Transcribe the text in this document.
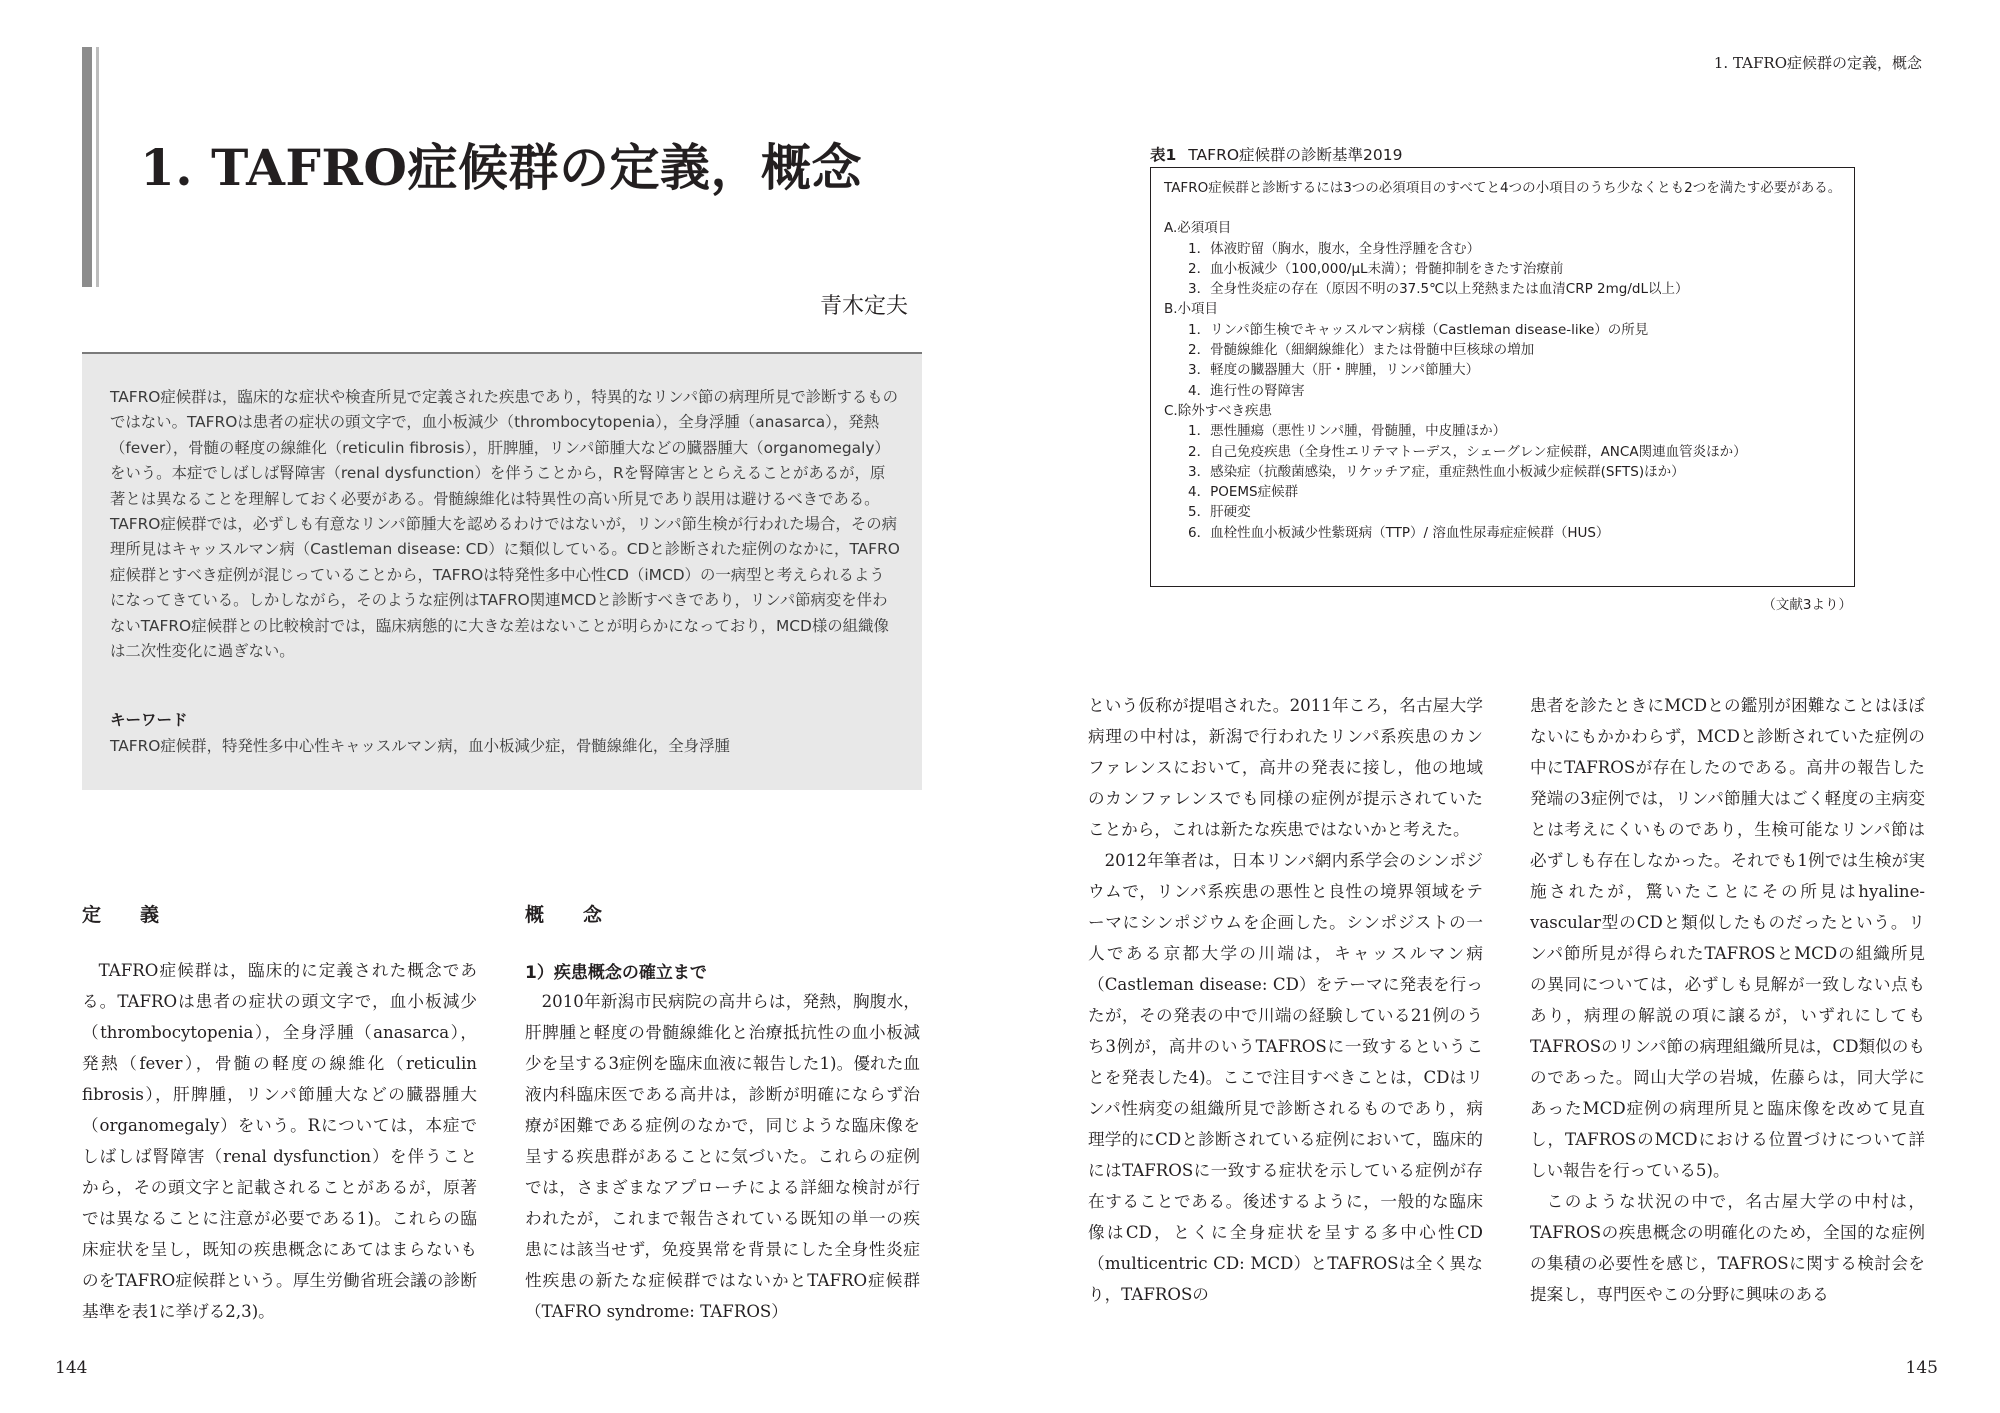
1. TAFRO症候群の定義，概念
青木定夫

TAFRO症候群は，臨床的な症状や検査所見で定義された疾患であり，特異的なリンパ節の病理所見で診断するものではない。TAFROは患者の症状の頭文字で，血小板減少（thrombocytopenia），全身浮腫（anasarca），発熱（fever），骨髄の軽度の線維化（reticulin fibrosis），肝脾腫，リンパ節腫大などの臓器腫大（organomegaly）をいう。本症でしばしば腎障害（renal dysfunction）を伴うことから，Rを腎障害ととらえることがあるが，原著とは異なることを理解しておく必要がある。骨髄線維化は特異性の高い所見であり誤用は避けるべきである。

TAFRO症候群では，必ずしも有意なリンパ節腫大を認めるわけではないが，リンパ節生検が行われた場合，その病理所見はキャッスルマン病（Castleman disease: CD）に類似している。CDと診断された症例のなかに，TAFRO症候群とすべき症例が混じっていることから，TAFROは特発性多中心性CD（iMCD）の一病型と考えられるようになってきている。しかしながら，そのような症例はTAFRO関連MCDと診断すべきであり，リンパ節病変を伴わないTAFRO症候群との比較検討では，臨床病態的に大きな差はないことが明らかになっており，MCD様の組織像は二次性変化に過ぎない。

キーワード
TAFRO症候群，特発性多中心性キャッスルマン病，血小板減少症，骨髄線維化，全身浮腫
定　義

TAFRO症候群は，臨床的に定義された概念である。TAFROは患者の症状の頭文字で，血小板減少（thrombocytopenia），全身浮腫（anasarca），発熱（fever），骨髄の軽度の線維化（reticulin fibrosis），肝脾腫，リンパ節腫大などの臓器腫大（organomegaly）をいう。Rについては，本症でしばしば腎障害（renal dysfunction）を伴うことから，その頭文字と記載されることがあるが，原著では異なることに注意が必要である1)。これらの臨床症状を呈し，既知の疾患概念にあてはまらないものをTAFRO症候群という。厚生労働省班会議の診断基準を表1に挙げる2,3)。

概　念
1）疾患概念の確立まで

2010年新潟市民病院の高井らは，発熱，胸腹水，肝脾腫と軽度の骨髄線維化と治療抵抗性の血小板減少を呈する3症例を臨床血液に報告した1)。優れた血液内科臨床医である高井は，診断が明確にならず治療が困難である症例のなかで，同じような臨床像を呈する疾患群があることに気づいた。これらの症例では，さまざまなアプローチによる詳細な検討が行われたが，これまで報告されている既知の単一の疾患には該当せず，免疫異常を背景にした全身性炎症性疾患の新たな症候群ではないかとTAFRO症候群（TAFRO syndrome: TAFROS）

144
1. TAFRO症候群の定義，概念
表1 TAFRO症候群の診断基準2019
TAFRO症候群と診断するには3つの必須項目のすべてと4つの小項目のうち少なくとも2つを満たす必要がある。
A.必須項目
1．体液貯留（胸水，腹水，全身性浮腫を含む）
2．血小板減少（100,000/μL未満）；骨髄抑制をきたす治療前
3．全身性炎症の存在（原因不明の37.5℃以上発熱または血清CRP 2mg/dL以上）
B.小項目
1．リンパ節生検でキャッスルマン病様（Castleman disease-like）の所見
2．骨髄線維化（細網線維化）または骨髄中巨核球の増加
3．軽度の臓器腫大（肝・脾腫，リンパ節腫大）
4．進行性の腎障害
C.除外すべき疾患
1．悪性腫瘍（悪性リンパ腫，骨髄腫，中皮腫ほか）
2．自己免疫疾患（全身性エリテマトーデス，シェーグレン症候群，ANCA関連血管炎ほか）
3．感染症（抗酸菌感染，リケッチア症，重症熱性血小板減少症候群(SFTS)ほか）
4．POEMS症候群
5．肝硬変
6．血栓性血小板減少性紫斑病（TTP）/ 溶血性尿毒症症候群（HUS）
（文献3より）

という仮称が提唱された。2011年ころ，名古屋大学病理の中村は，新潟で行われたリンパ系疾患のカンファレンスにおいて，高井の発表に接し，他の地域のカンファレンスでも同様の症例が提示されていたことから，これは新たな疾患ではないかと考えた。

2012年筆者は，日本リンパ網内系学会のシンポジウムで，リンパ系疾患の悪性と良性の境界領域をテーマにシンポジウムを企画した。シンポジストの一人である京都大学の川端は，キャッスルマン病（Castleman disease: CD）をテーマに発表を行ったが，その発表の中で川端の経験している21例のうち3例が，高井のいうTAFROSに一致するということを発表した4)。ここで注目すべきことは，CDはリンパ性病変の組織所見で診断されるものであり，病理学的にCDと診断されている症例において，臨床的にはTAFROSに一致する症状を示している症例が存在することである。後述するように，一般的な臨床像はCD，とくに全身症状を呈する多中心性CD（multicentric CD: MCD）とTAFROSは全く異なり，TAFROSの

患者を診たときにMCDとの鑑別が困難なことはほぼないにもかかわらず，MCDと診断されていた症例の中にTAFROSが存在したのである。高井の報告した発端の3症例では，リンパ節腫大はごく軽度の主病変とは考えにくいものであり，生検可能なリンパ節は必ずしも存在しなかった。それでも1例では生検が実施されたが，驚いたことにその所見はhyaline-vascular型のCDと類似したものだったという。リンパ節所見が得られたTAFROSとMCDの組織所見の異同については，必ずしも見解が一致しない点もあり，病理の解説の項に譲るが，いずれにしてもTAFROSのリンパ節の病理組織所見は，CD類似のものであった。岡山大学の岩城，佐藤らは，同大学にあったMCD症例の病理所見と臨床像を改めて見直し，TAFROSのMCDにおける位置づけについて詳しい報告を行っている5)。

このような状況の中で，名古屋大学の中村は，TAFROSの疾患概念の明確化のため，全国的な症例の集積の必要性を感じ，TAFROSに関する検討会を提案し，専門医やこの分野に興味のある

145
